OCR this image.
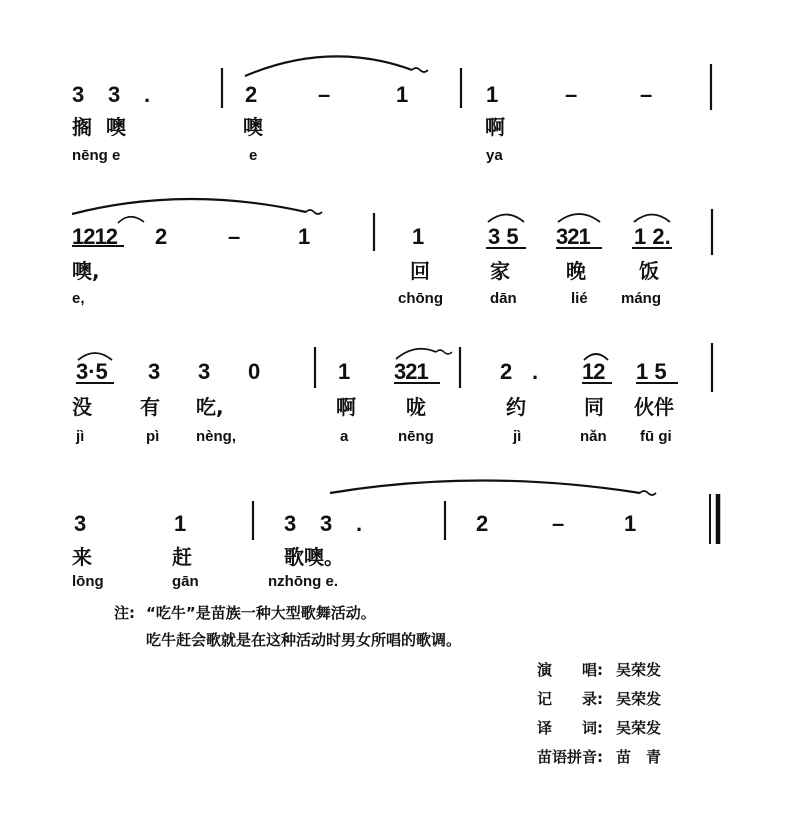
3 3 .	2	–	1	1	–	–
搁 噢	噢	啊
nēng e	e	ya
1212 2	–	1	1	3 5 321 1 2.
噢,	回	家	晚	饭
e,	chōng	dān	lié máng
3·5 3 3 0	1 321	2 . 12 1 5
没 有 吃,	啊	咙	约	同 伙伴
jì	pì nèng,	a	nēng	jì	nǎn fū gi
3	1	3 3 .	2	–	1
来	赶	歌噢。
lōng	gān	nzhōng e.
注: “吃牛”是苗族一种大型歌舞活动。
吃牛赶会歌就是在这种活动时男女所唱的歌调。
演　　唱: 吴荣发
记　　录: 吴荣发
译　　词: 吴荣发
苗语拼音: 苗　青
